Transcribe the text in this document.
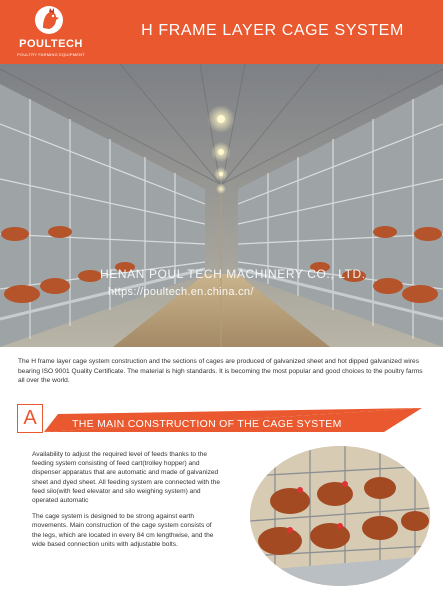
POULTECH
POULTRY FARMING EQUIPMENT
H FRAME LAYER CAGE SYSTEM
HENAN POUL TECH MACHINERY CO., LTD.
https://poultech.en.china.cn/
The H frame layer cage system construction and the sections of cages are produced of galvanized sheet and hot dipped galvanized wires bearing ISO 9001 Quality Certificate. The material is high standards. It is becoming the most popular and good choices to the poultry farms all over the world.
A	THE MAIN CONSTRUCTION OF THE CAGE SYSTEM

Availability to adjust the required level of feeds thanks to the feeding system consisting of feed cart(trolley hopper) and dispenser apparatus that are automatic and made of galvanized sheet and dyed sheet. All feeding system are connected with the feed silo(with feed elevator and silo weighing system) and operated automatic

The cage system is designed to be strong against earth movements. Main construction of the cage system consists of the legs, which are located in every 84 cm lengthwise, and the wide based connection units with adjustable bolts.
